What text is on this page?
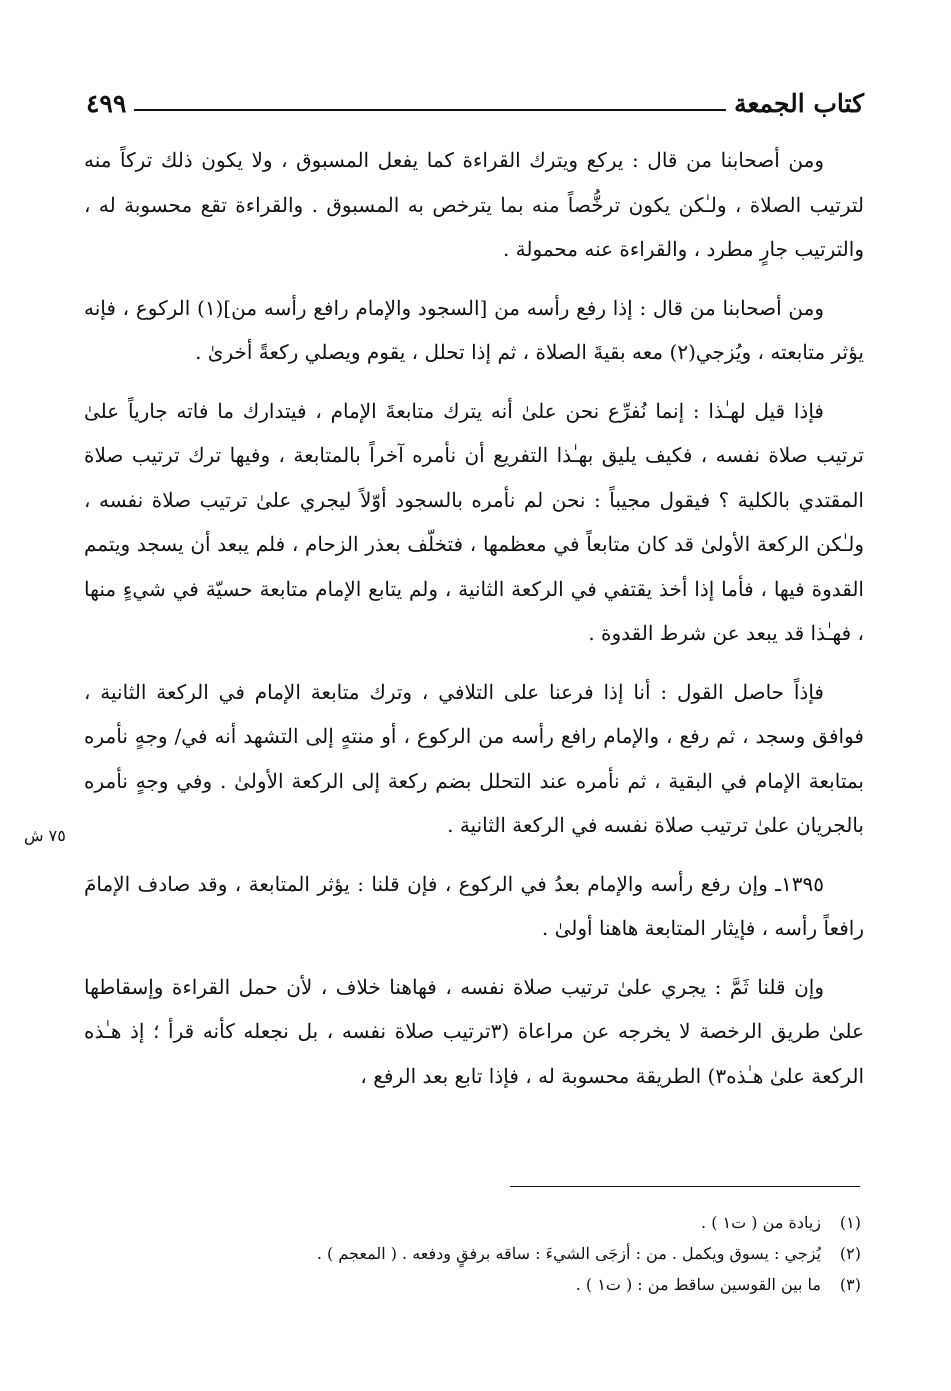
كتاب الجمعة
٤٩٩

ومن أصحابنا من قال : يركع ويترك القراءة كما يفعل المسبوق ، ولا يكون ذلك تركاً منه لترتيب الصلاة ، ولـٰكن يكون ترخُّصاً منه بما يترخص به المسبوق . والقراءة تقع محسوبة له ، والترتيب جارٍ مطرد ، والقراءة عنه محمولة .

ومن أصحابنا من قال : إذا رفع رأسه من [السجود والإمام رافع رأسه من](١) الركوع ، فإنه يؤثر متابعته ، ويُزجي(٢) معه بقيةَ الصلاة ، ثم إذا تحلل ، يقوم ويصلي ركعةً أخرىٰ .

فإذا قيل لهـٰذا : إنما نُفرِّع نحن علىٰ أنه يترك متابعةَ الإمام ، فيتدارك ما فاته جارياً علىٰ ترتيب صلاة نفسه ، فكيف يليق بهـٰذا التفريع أن نأمره آخراً بالمتابعة ، وفيها ترك ترتيب صلاة المقتدي بالكلية ؟ فيقول مجيباً : نحن لم نأمره بالسجود أوّلاً ليجري علىٰ ترتيب صلاة نفسه ، ولـٰكن الركعة الأولىٰ قد كان متابعاً في معظمها ، فتخلّف بعذر الزحام ، فلم يبعد أن يسجد ويتمم القدوة فيها ، فأما إذا أخذ يقتفي في الركعة الثانية ، ولم يتابع الإمام متابعة حسيّة في شيءٍ منها ، فهـٰذا قد يبعد عن شرط القدوة .

فإذاً حاصل القول : أنا إذا فرعنا على التلافي ، وترك متابعة الإمام في الركعة الثانية ، فوافق وسجد ، ثم رفع ، والإمام رافع رأسه من الركوع ، أو منتهٍ إلى التشهد أنه في/ وجهٍ نأمره بمتابعة الإمام في البقية ، ثم نأمره عند التحلل بضم ركعة إلى الركعة الأولىٰ . وفي وجهٍ نأمره بالجريان علىٰ ترتيب صلاة نفسه في الركعة الثانية .

١٣٩٥ـ وإن رفع رأسه والإمام بعدُ في الركوع ، فإن قلنا : يؤثر المتابعة ، وقد صادف الإمامَ رافعاً رأسه ، فإيثار المتابعة هاهنا أولىٰ .

وإن قلنا ثَمَّ : يجري علىٰ ترتيب صلاة نفسه ، فهاهنا خلاف ، لأن حمل القراءة وإسقاطها علىٰ طريق الرخصة لا يخرجه عن مراعاة (٣ترتيب صلاة نفسه ، بل نجعله كأنه قرأ ؛ إذ هـٰذه الركعة علىٰ هـٰذه٣) الطريقة محسوبة له ، فإذا تابع بعد الرفع ،

٧٥ ش
(١)
زيادة من ( ت١ ) .
(٢)
يُزجي : يسوق ويكمل . من : أزجَى الشيءَ : ساقه برفقٍ ودفعه . ( المعجم ) .
(٣)
ما بين القوسين ساقط من : ( ت١ ) .
